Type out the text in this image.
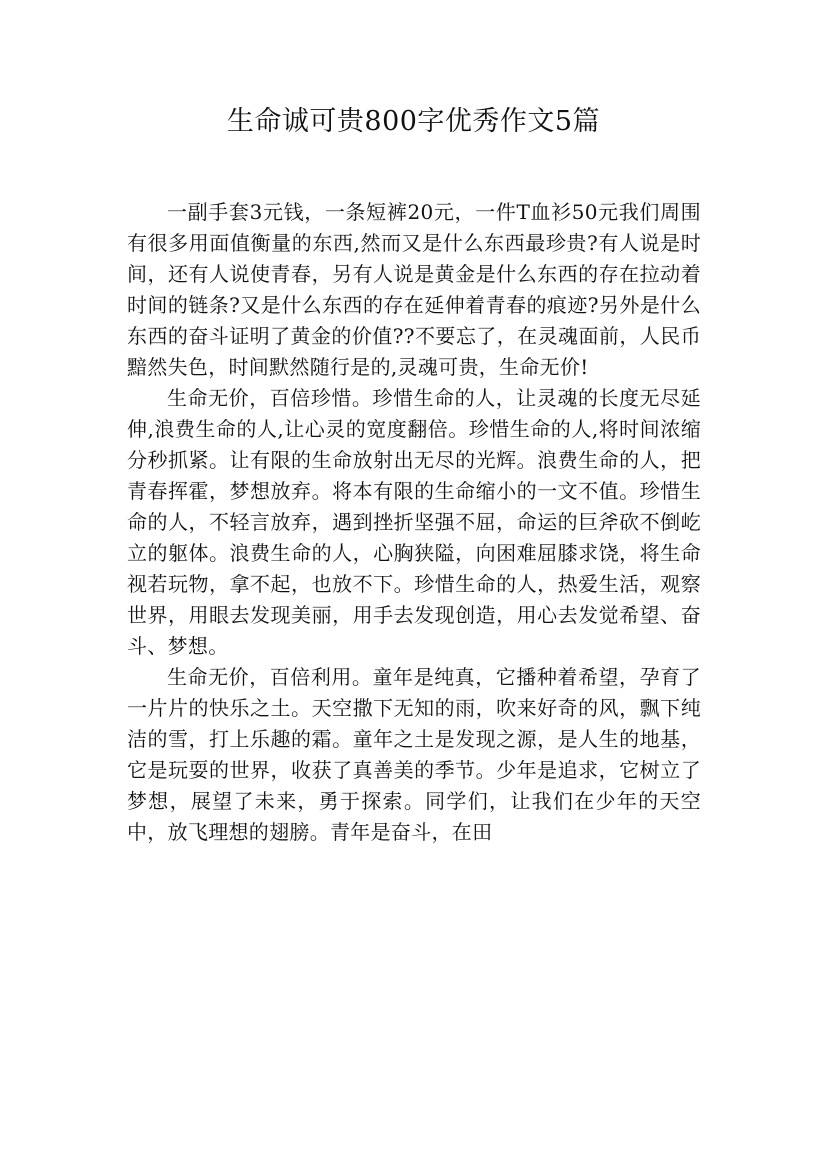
生命诚可贵800字优秀作文5篇

一副手套3元钱，一条短裤20元，一件T血衫50元我们周围有很多用面值衡量的东西,然而又是什么东西最珍贵?有人说是时间，还有人说使青春，另有人说是黄金是什么东西的存在拉动着时间的链条?又是什么东西的存在延伸着青春的痕迹?另外是什么东西的奋斗证明了黄金的价值??不要忘了，在灵魂面前，人民币黯然失色，时间默然随行是的,灵魂可贵，生命无价!

生命无价，百倍珍惜。珍惜生命的人，让灵魂的长度无尽延伸,浪费生命的人,让心灵的宽度翻倍。珍惜生命的人,将时间浓缩分秒抓紧。让有限的生命放射出无尽的光辉。浪费生命的人，把青春挥霍，梦想放弃。将本有限的生命缩小的一文不值。珍惜生命的人，不轻言放弃，遇到挫折坚强不屈，命运的巨斧砍不倒屹立的躯体。浪费生命的人，心胸狭隘，向困难屈膝求饶，将生命视若玩物，拿不起，也放不下。珍惜生命的人，热爱生活，观察世界，用眼去发现美丽，用手去发现创造，用心去发觉希望、奋斗、梦想。

生命无价，百倍利用。童年是纯真，它播种着希望，孕育了一片片的快乐之土。天空撒下无知的雨，吹来好奇的风，飘下纯洁的雪，打上乐趣的霜。童年之土是发现之源，是人生的地基，它是玩耍的世界，收获了真善美的季节。少年是追求，它树立了梦想，展望了未来，勇于探索。同学们，让我们在少年的天空中，放飞理想的翅膀。青年是奋斗，在田
